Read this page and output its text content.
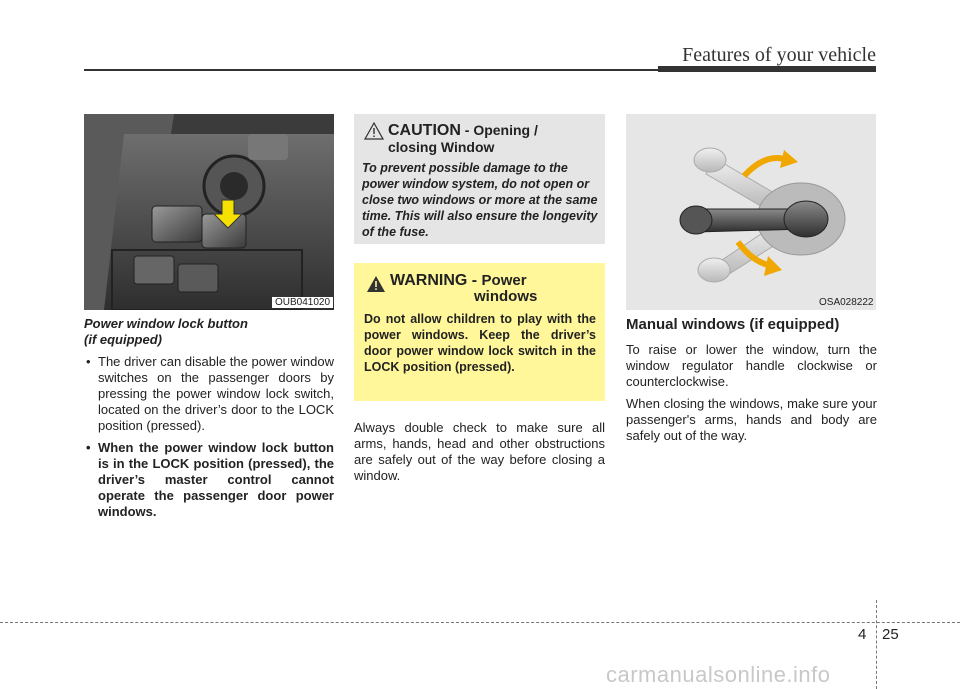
Features of your vehicle
OUB041020
Power window lock button
(if equipped)
• The driver can disable the power window switches on the passenger doors by pressing the power window lock switch, located on the driver’s door to the LOCK position (pressed).
• When the power window lock button is in the LOCK position (pressed), the driver’s master control cannot operate the passenger door power windows.
CAUTION - Opening /
closing Window
To prevent possible damage to the power window system, do not open or close two windows or more at the same time. This will also ensure the longevity of the fuse.
WARNING - Power
windows
Do not allow children to play with the power windows. Keep the driver’s door power window lock switch in the LOCK position (pressed).

Always double check to make sure all arms, hands, head and other obstructions are safely out of the way before closing a window.

OSA028222
Manual windows (if equipped)

To raise or lower the window, turn the window regulator handle clockwise or counterclockwise.

When closing the windows, make sure your passenger's arms, hands and body are safely out of the way.

4 25
carmanualsonline.info
